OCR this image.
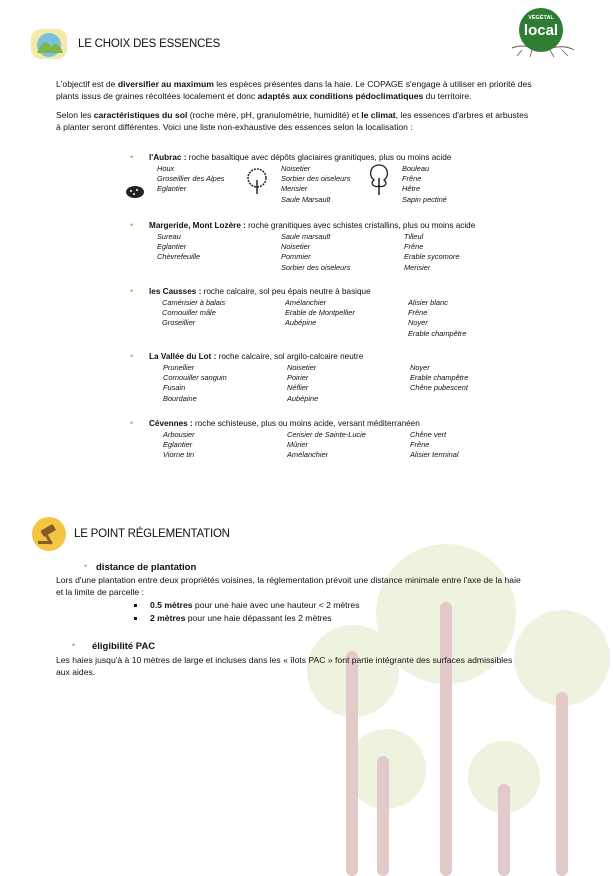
VÉGÉTAL
local
LE CHOIX DES ESSENCES
L'objectif est de diversifier au maximum les espèces présentes dans la haie. Le COPAGE s'engage à utiliser en priorité des
plants issus de graines récoltées localement et donc adaptés aux conditions pédoclimatiques du territoire.
Selon les caractéristiques du sol (roche mère, pH, granulométrie, humidité) et le climat, les essences d'arbres et arbustes
à planter seront différentes. Voici une liste non-exhaustive des essences selon la localisation :
• l'Aubrac : roche basaltique avec dépôts glaciaires granitiques, plus ou moins acide
Houx
Groseillier des Alpes
Eglantier
Noisetier
Sorbier des oiseleurs
Merisier
Saule Marsault
Bouleau
Frêne
Hêtre
Sapin pectiné
• Margeride, Mont Lozère : roche granitiques avec schistes cristallins, plus ou moins acide
Sureau
Eglantier
Chèvrefeuille
Saule marsault
Noisetier
Pommier
Sorbier des oiseleurs
Tilleul
Frêne
Erable sycomore
Merisier
• les Causses : roche calcaire, sol peu épais neutre à basique
Camérisier à balais
Cornouiller mâle
Groseillier
Amélanchier
Erable de Montpellier
Aubépine
Alisier blanc
Frêne
Noyer
Erable champêtre
• La Vallée du Lot : roche calcaire, sol argilo-calcaire neutre
Prunellier
Cornouiller sanguin
Fusain
Bourdaine
Noisetier
Poirier
Néflier
Aubépine
Noyer
Erable champêtre
Chêne pubescent
• Cévennes : roche schisteuse, plus ou moins acide, versant méditerranéen
Arbousier
Eglantier
Viorne tin
Cerisier de Sainte-Lucie
Mûrier
Amélanchier
Chêne vert
Frêne
Alisier terminal
LE POINT RÉGLEMENTATION
• distance de plantation
Lors d'une plantation entre deux propriétés voisines, la réglementation prévoit une distance minimale entre l'axe de la haie
et la limite de parcelle :
0.5 mètres pour une haie avec une hauteur < 2 mètres
2 mètres pour une haie dépassant les 2 mètres
• éligibilité PAC
Les haies jusqu'à à 10 mètres de large et incluses dans les « îlots PAC » font partie intégrante des surfaces admissibles
aux aides.
